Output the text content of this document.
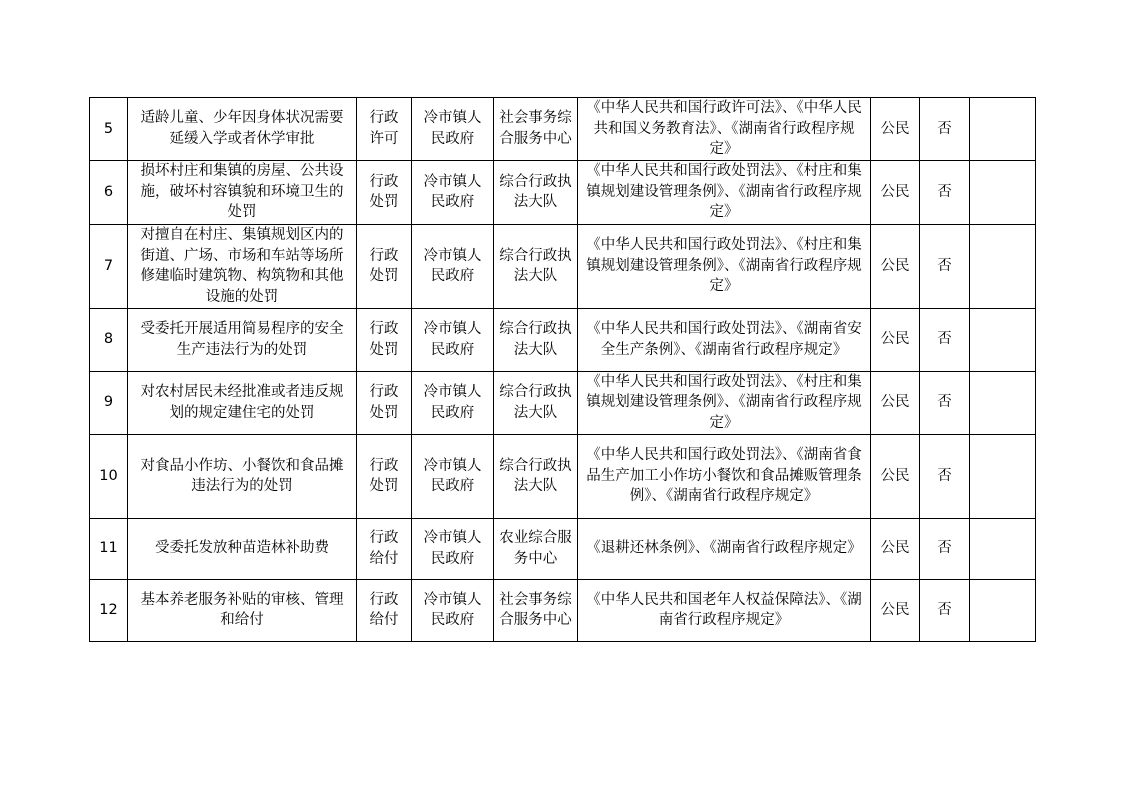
5	适龄儿童、少年因身体状况需要延缓入学或者休学审批	行政许可	冷市镇人民政府	社会事务综合服务中心	《中华人民共和国行政许可法》、《中华人民共和国义务教育法》、《湖南省行政程序规定》	公民	否	
6	损坏村庄和集镇的房屋、公共设施，破坏村容镇貌和环境卫生的处罚	行政处罚	冷市镇人民政府	综合行政执法大队	《中华人民共和国行政处罚法》、《村庄和集镇规划建设管理条例》、《湖南省行政程序规定》	公民	否	
7	对擅自在村庄、集镇规划区内的街道、广场、市场和车站等场所修建临时建筑物、构筑物和其他设施的处罚	行政处罚	冷市镇人民政府	综合行政执法大队	《中华人民共和国行政处罚法》、《村庄和集镇规划建设管理条例》、《湖南省行政程序规定》	公民	否	
8	受委托开展适用简易程序的安全生产违法行为的处罚	行政处罚	冷市镇人民政府	综合行政执法大队	《中华人民共和国行政处罚法》、《湖南省安全生产条例》、《湖南省行政程序规定》	公民	否	
9	对农村居民未经批准或者违反规划的规定建住宅的处罚	行政处罚	冷市镇人民政府	综合行政执法大队	《中华人民共和国行政处罚法》、《村庄和集镇规划建设管理条例》、《湖南省行政程序规定》	公民	否	
10	对食品小作坊、小餐饮和食品摊违法行为的处罚	行政处罚	冷市镇人民政府	综合行政执法大队	《中华人民共和国行政处罚法》、《湖南省食品生产加工小作坊小餐饮和食品摊贩管理条例》、《湖南省行政程序规定》	公民	否	
11	受委托发放种苗造林补助费	行政给付	冷市镇人民政府	农业综合服务中心	《退耕还林条例》、《湖南省行政程序规定》	公民	否	
12	基本养老服务补贴的审核、管理和给付	行政给付	冷市镇人民政府	社会事务综合服务中心	《中华人民共和国老年人权益保障法》、《湖南省行政程序规定》	公民	否	
